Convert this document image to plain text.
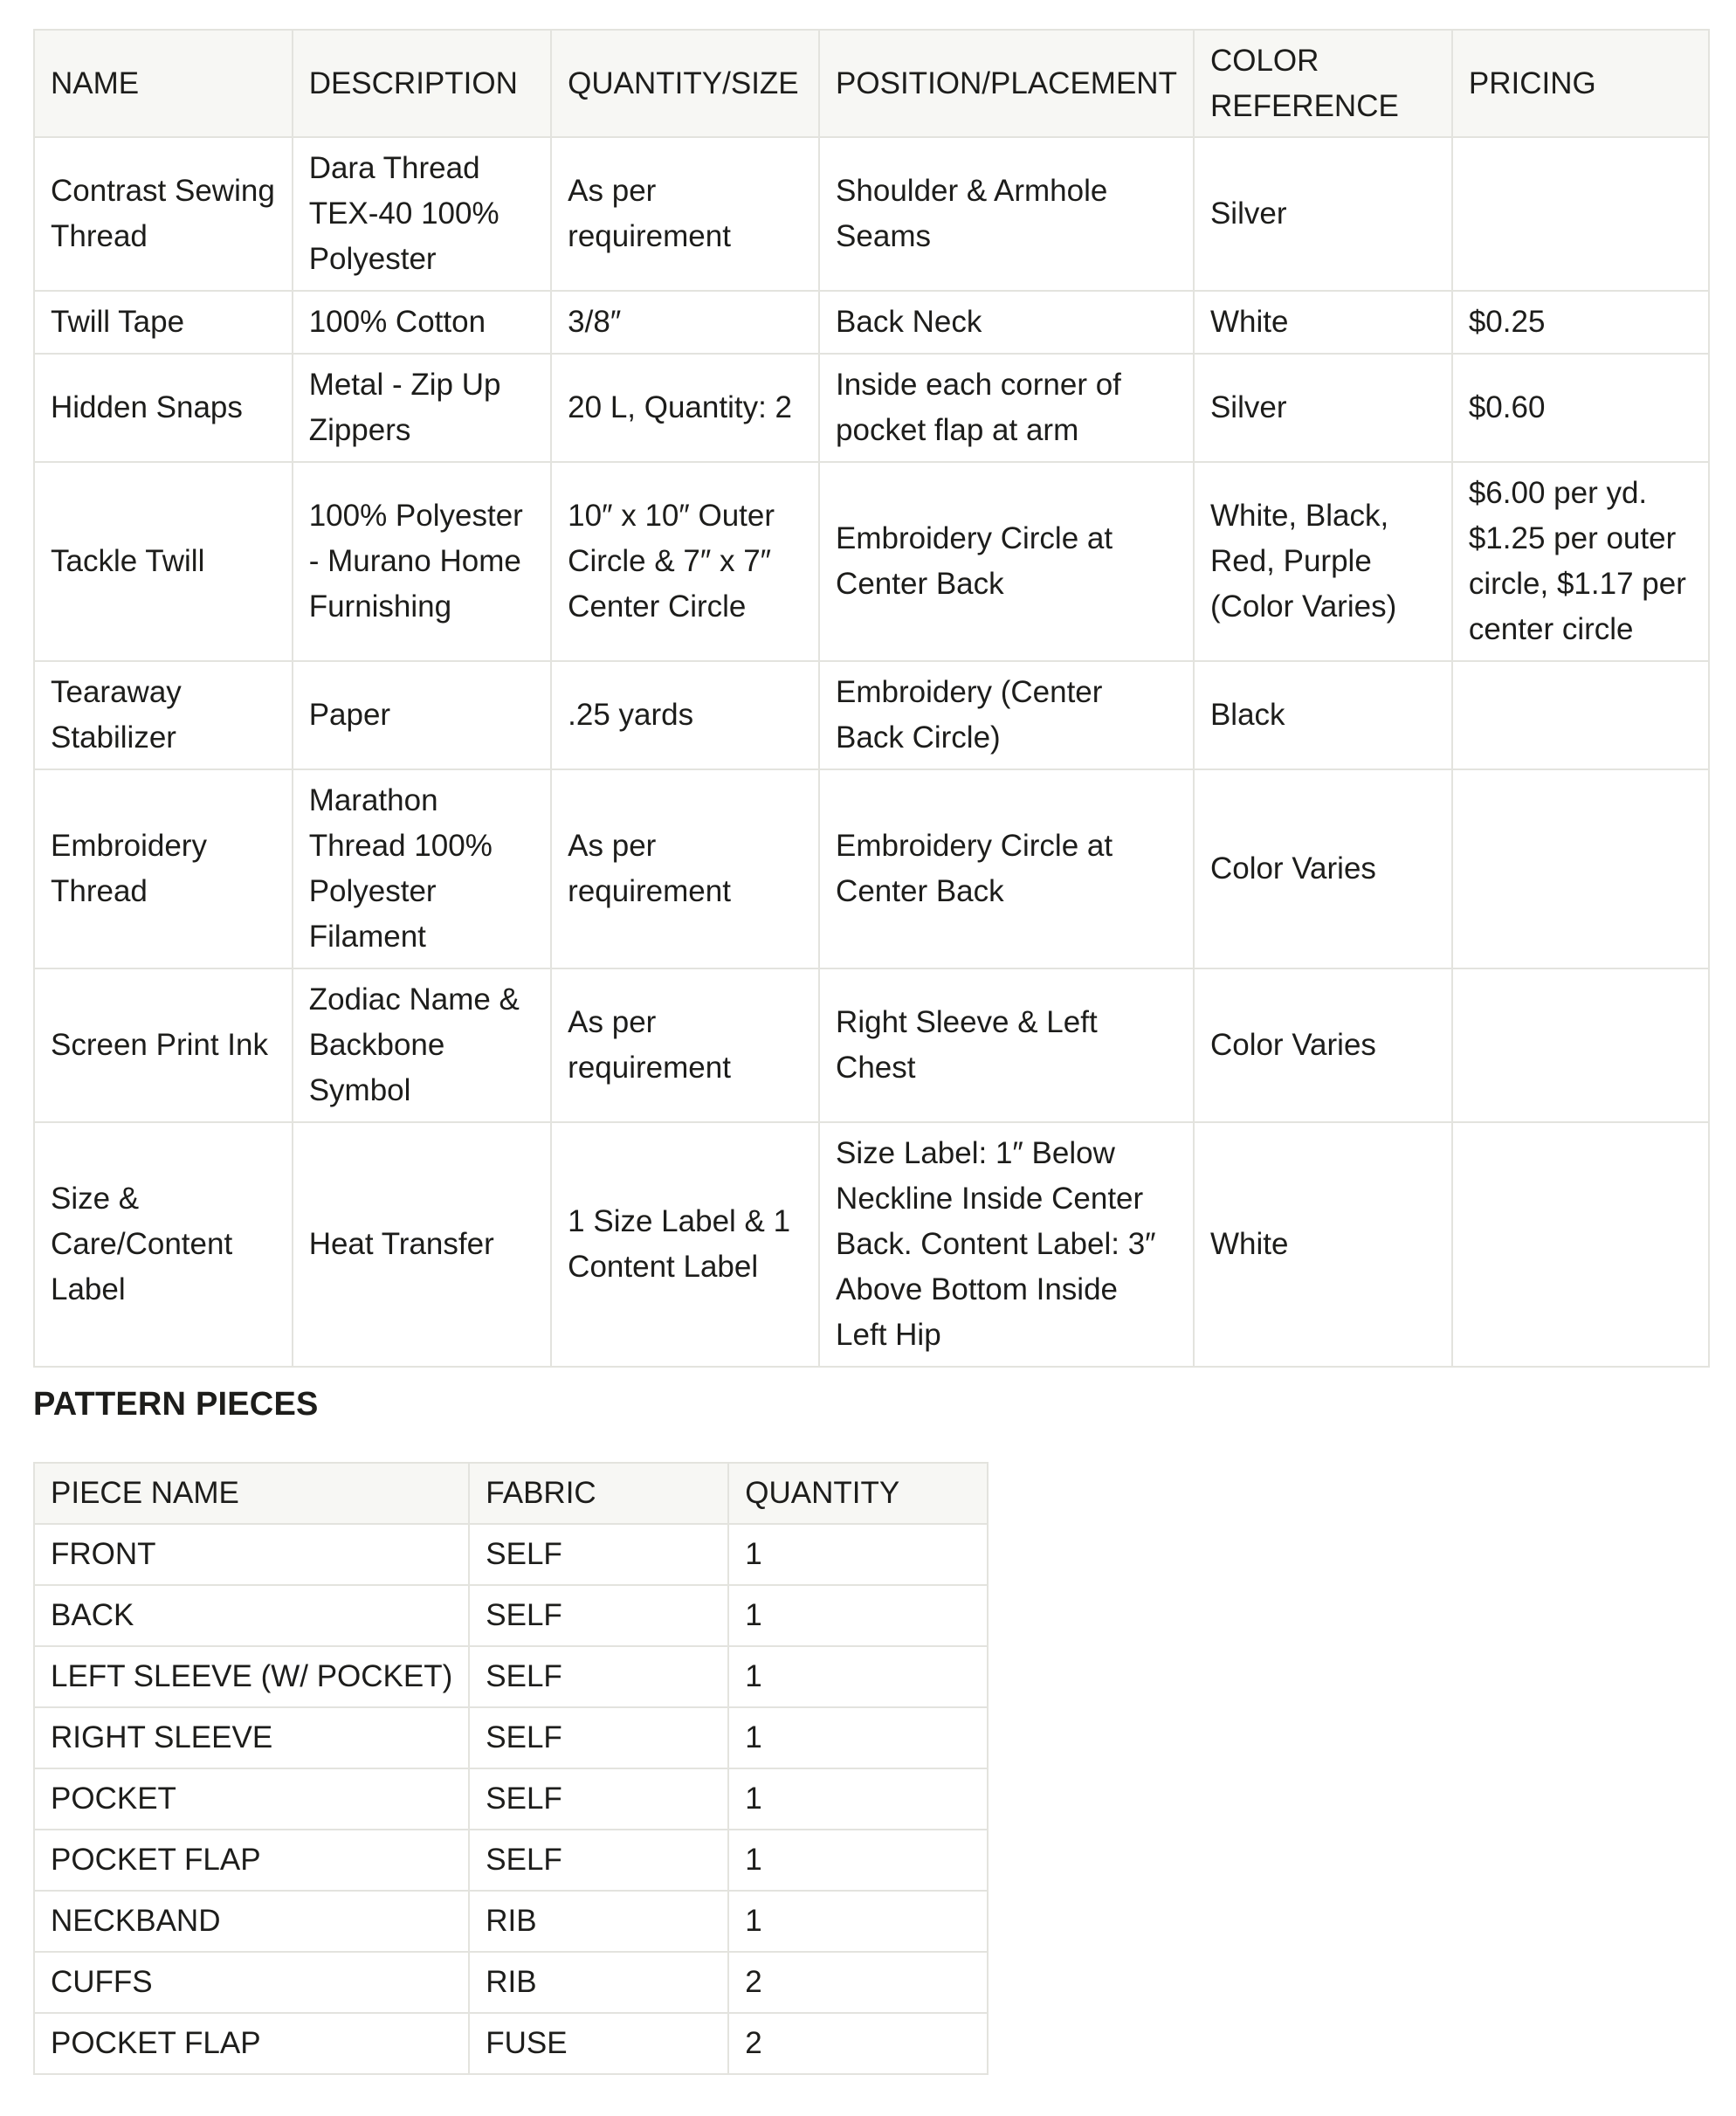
NAME	DESCRIPTION	QUANTITY/SIZE	POSITION/PLACEMENT	COLOR REFERENCE	PRICING
Contrast Sewing Thread	Dara Thread TEX-40 100% Polyester	As per requirement	Shoulder & Armhole Seams	Silver	
Twill Tape	100% Cotton	3/8″	Back Neck	White	$0.25
Hidden Snaps	Metal - Zip Up Zippers	20 L, Quantity: 2	Inside each corner of pocket flap at arm	Silver	$0.60
Tackle Twill	100% Polyester - Murano Home Furnishing	10″ x 10″ Outer Circle & 7″ x 7″ Center Circle	Embroidery Circle at Center Back	White, Black, Red, Purple (Color Varies)	$6.00 per yd. $1.25 per outer circle, $1.17 per center circle
Tearaway Stabilizer	Paper	.25 yards	Embroidery (Center Back Circle)	Black	
Embroidery Thread	Marathon Thread 100% Polyester Filament	As per requirement	Embroidery Circle at Center Back	Color Varies	
Screen Print Ink	Zodiac Name & Backbone Symbol	As per requirement	Right Sleeve & Left Chest	Color Varies	
Size & Care/Content Label	Heat Transfer	1 Size Label & 1 Content Label	Size Label: 1″ Below Neckline Inside Center Back. Content Label: 3″ Above Bottom Inside Left Hip	White	
PATTERN PIECES
PIECE NAME	FABRIC	QUANTITY
FRONT	SELF	1
BACK	SELF	1
LEFT SLEEVE (W/ POCKET)	SELF	1
RIGHT SLEEVE	SELF	1
POCKET	SELF	1
POCKET FLAP	SELF	1
NECKBAND	RIB	1
CUFFS	RIB	2
POCKET FLAP	FUSE	2
